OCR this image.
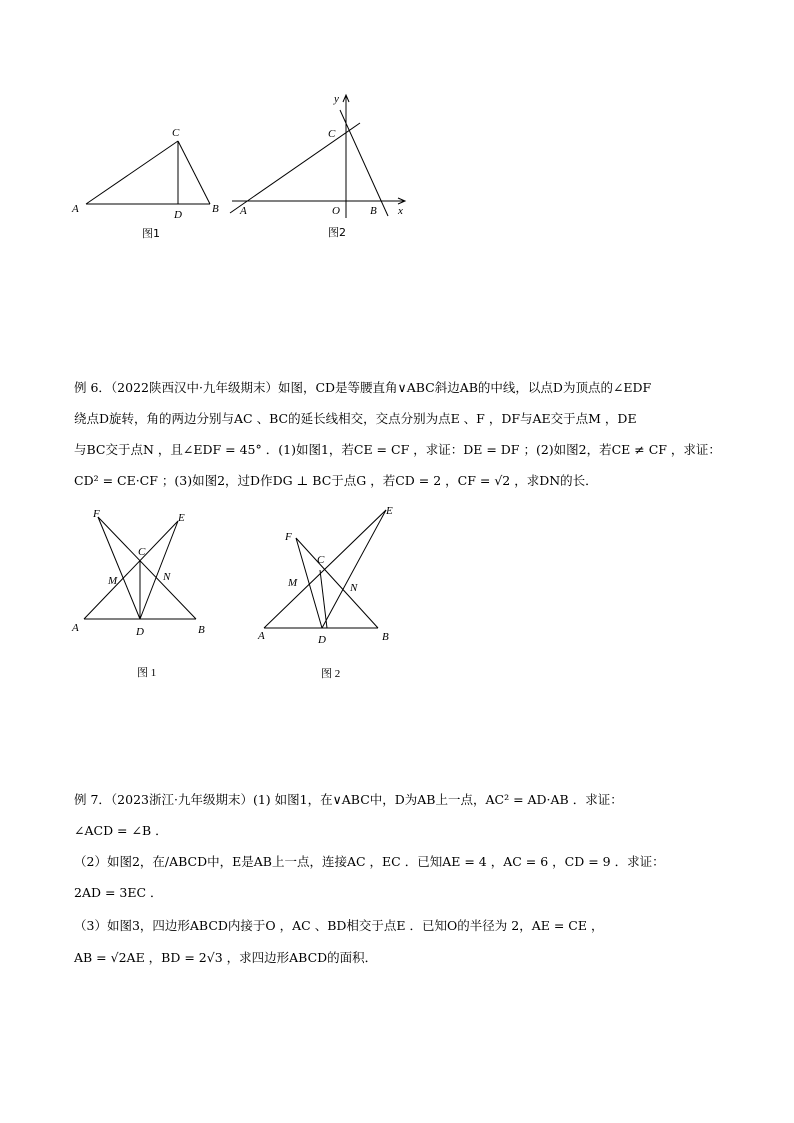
C
A	D	B
图1
y
C
A	O	B x
图2
例 6．（2022陕西汉中·九年级期末）如图，CD是等腰直角∨ABC斜边AB的中线，以点D为顶点的∠EDF
绕点D旋转，角的两边分别与AC 、BC的延长线相交，交点分别为点E 、F ，DF与AE交于点M ，DE
与BC交于点N ，且∠EDF = 45° ．(1)如图1，若CE = CF ，求证：DE = DF ；(2)如图2，若CE ≠ CF ，求证：
CD² = CE·CF ；(3)如图2，过D作DG ⊥ BC于点G ，若CD = 2 ，CF = √2 ，求DN的长．
F	E
C
M	N
A	D	B
图 1
E
F
C
M	N
A	D	B
图 2
例 7．（2023浙江·九年级期末）(1) 如图1，在∨ABC中，D为AB上一点，AC² = AD·AB ．求证：
∠ACD = ∠B ．
（2）如图2，在∕ABCD中，E是AB上一点，连接AC ，EC ．已知AE = 4 ，AC = 6 ，CD = 9 ．求证：
2AD = 3EC ．
（3）如图3，四边形ABCD内接于O ，AC 、BD相交于点E ．已知O的半径为 2，AE = CE ，
AB = √2AE ，BD = 2√3 ，求四边形ABCD的面积．
